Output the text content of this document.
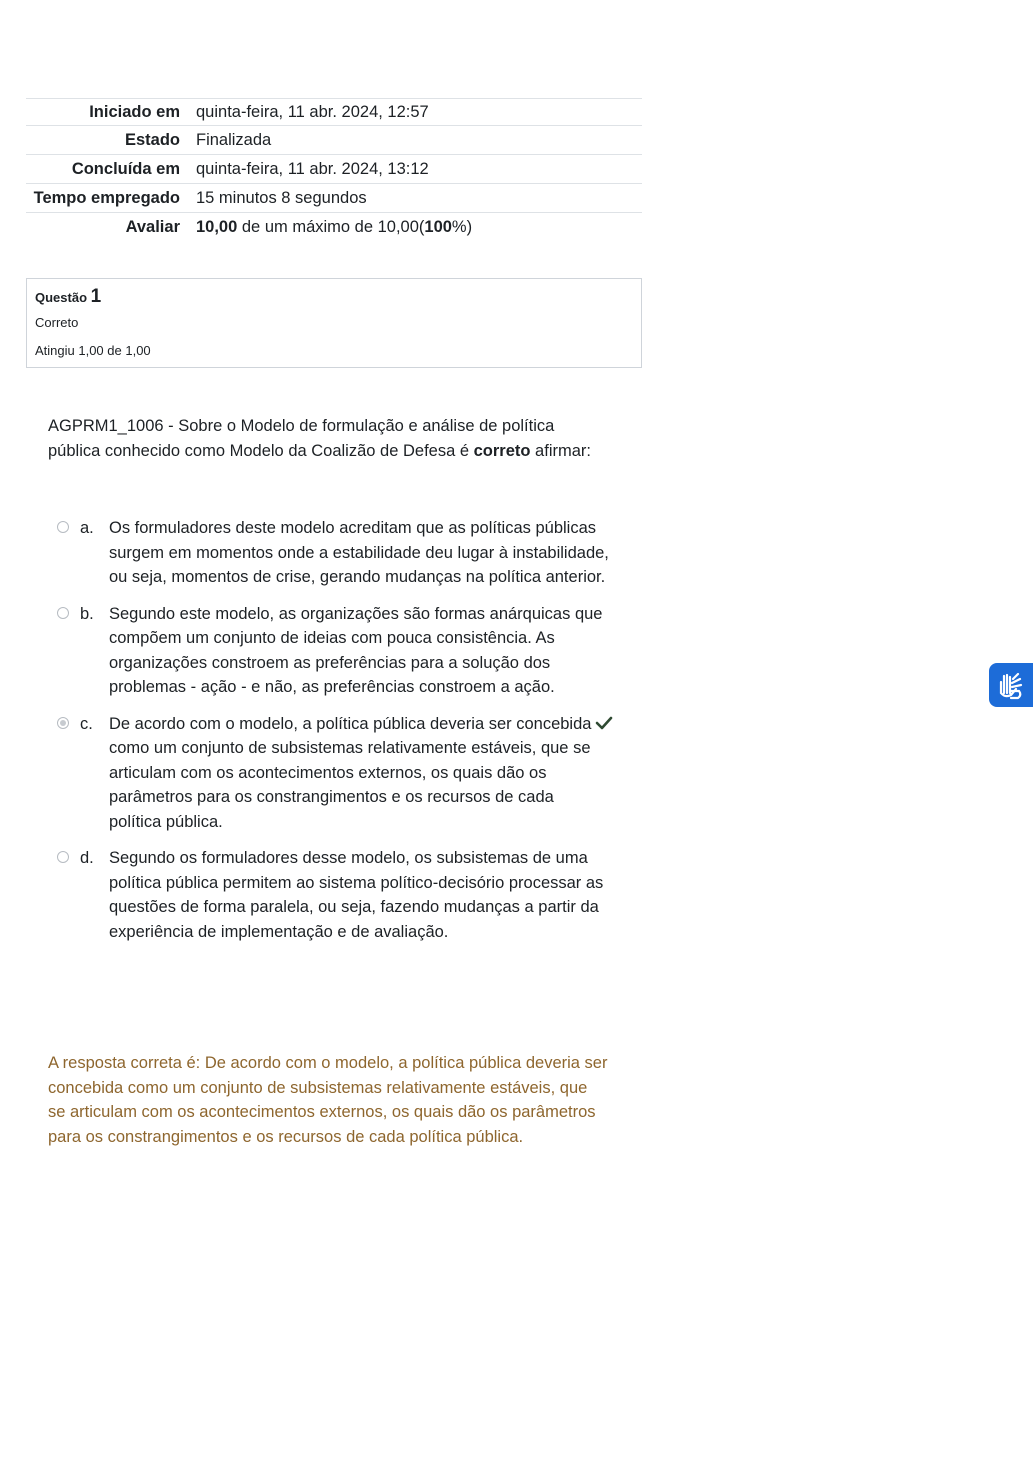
Iniciado em	quinta-feira, 11 abr. 2024, 12:57
Estado	Finalizada
Concluída em	quinta-feira, 11 abr. 2024, 13:12
Tempo empregado	15 minutos 8 segundos
Avaliar	10,00 de um máximo de 10,00(100%)
Questão 1
Correto
Atingiu 1,00 de 1,00
AGPRM1_1006 - Sobre o Modelo de formulação e análise de política pública conhecido como Modelo da Coalizão de Defesa é correto afirmar:
a. Os formuladores deste modelo acreditam que as políticas públicas surgem em momentos onde a estabilidade deu lugar à instabilidade, ou seja, momentos de crise, gerando mudanças na política anterior.
b. Segundo este modelo, as organizações são formas anárquicas que compõem um conjunto de ideias com pouca consistência. As organizações constroem as preferências para a solução dos problemas - ação - e não, as preferências constroem a ação.
c. De acordo com o modelo, a política pública deveria ser concebida como um conjunto de subsistemas relativamente estáveis, que se articulam com os acontecimentos externos, os quais dão os parâmetros para os constrangimentos e os recursos de cada política pública.
d. Segundo os formuladores desse modelo, os subsistemas de uma política pública permitem ao sistema político-decisório processar as questões de forma paralela, ou seja, fazendo mudanças a partir da experiência de implementação e de avaliação.
A resposta correta é: De acordo com o modelo, a política pública deveria ser concebida como um conjunto de subsistemas relativamente estáveis, que se articulam com os acontecimentos externos, os quais dão os parâmetros para os constrangimentos e os recursos de cada política pública.
